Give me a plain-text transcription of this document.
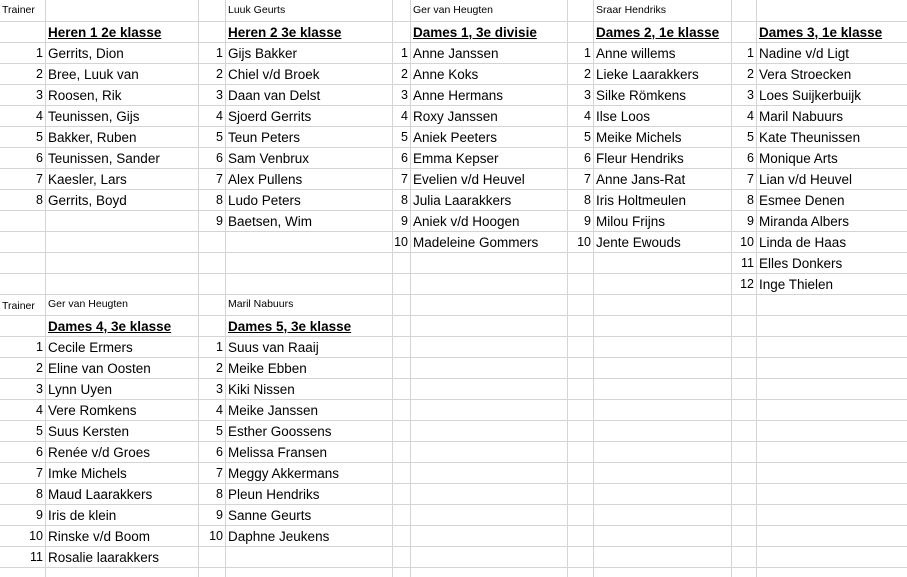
Trainer
Trainer
Heren 1 2e klasse
1 Gerrits, Dion
2 Bree, Luuk van
3 Roosen, Rik
4 Teunissen, Gijs
5 Bakker, Ruben
6 Teunissen, Sander
7 Kaesler, Lars
8 Gerrits, Boyd
Luuk Geurts
Heren 2 3e klasse
1 Gijs Bakker
2 Chiel v/d Broek
3 Daan van Delst
4 Sjoerd Gerrits
5 Teun Peters
6 Sam Venbrux
7 Alex Pullens
8 Ludo Peters
9 Baetsen, Wim
Ger van Heugten
Dames 1, 3e divisie
1 Anne Janssen
2 Anne Koks
3 Anne Hermans
4 Roxy Janssen
5 Aniek Peeters
6 Emma Kepser
7 Evelien v/d Heuvel
8 Julia Laarakkers
9 Aniek v/d Hoogen
10 Madeleine Gommers
Sraar Hendriks
Dames 2, 1e klasse
1 Anne willems
2 Lieke Laarakkers
3 Silke Römkens
4 Ilse Loos
5 Meike Michels
6 Fleur Hendriks
7 Anne Jans-Rat
8 Iris Holtmeulen
9 Milou Frijns
10 Jente Ewouds
Dames 3, 1e klasse
1 Nadine v/d Ligt
2 Vera Stroecken
3 Loes Suijkerbuijk
4 Maril Nabuurs
5 Kate Theunissen
6 Monique Arts
7 Lian v/d Heuvel
8 Esmee Denen
9 Miranda Albers
10 Linda de Haas
11 Elles Donkers
12 Inge Thielen
Ger van Heugten
Dames 4, 3e klasse
1 Cecile Ermers
2 Eline van Oosten
3 Lynn Uyen
4 Vere Romkens
5 Suus Kersten
6 Renée v/d Groes
7 Imke Michels
8 Maud Laarakkers
9 Iris de klein
10 Rinske v/d Boom
11 Rosalie laarakkers
Maril Nabuurs
Dames 5, 3e klasse
1 Suus van Raaij
2 Meike Ebben
3 Kiki Nissen
4 Meike Janssen
5 Esther Goossens
6 Melissa Fransen
7 Meggy Akkermans
8 Pleun Hendriks
9 Sanne Geurts
10 Daphne Jeukens
